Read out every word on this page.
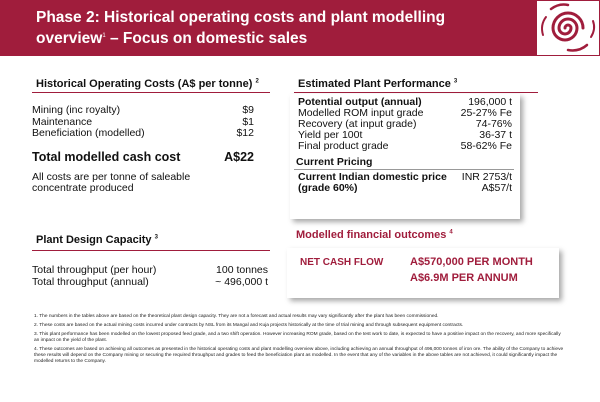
Phase 2: Historical operating costs and plant modelling
overview$^1$ – Focus on domestic sales
Historical Operating Costs (A$ per tonne) $^2$
Mining (inc royalty)	$9
Maintenance	$1
Beneficiation (modelled)	$12
Total modelled cash cost	A$22
All costs are per tonne of saleable
concentrate produced
Plant Design Capacity $^3$
Total throughput (per hour)	100 tonnes
Total throughput (annual)	~ 496,000 t
Estimated Plant Performance $^3$
Potential output (annual)	196,000 t
Modelled ROM input grade	25-27% Fe
Recovery (at input grade)	74-76%
Yield per 100t	36-37 t
Final product grade	58-62% Fe
Current Pricing
Current Indian domestic price INR 2753/t
(grade 60%)	A$57/t
Modelled financial outcomes $^4$
NET CASH FLOW	A$570,000 PER MONTH
A$6.9M PER ANNUM

1. The numbers in the tables above are based on the theoretical plant design capacity. They are not a forecast and actual results may vary significantly after the plant has been commissioned.

2. These costs are based on the actual mining costs incurred under contracts by NSL from its Mangal and Kuja projects historically at the time of trial mining and through subsequent equipment contracts.

3. This plant performance has been modelled on the lowest proposed feed grade, and a two shift operation. However increasing ROM grade, based on the test work to date, is expected to have a positive impact on the recovery, and more specifically an impact on the yield of the plant.

4. These outcomes are based on achieving all outcomes as presented in the historical operating costs and plant modelling overview above, including achieving an annual throughput of 496,000 tonnes of iron ore. The ability of the Company to achieve these results will depend on the Company mining or securing the required throughput and grades to feed the beneficiation plant as modelled. In the event that any of the variables in the above tables are not achieved, it could significantly impact the modelled returns to the Company.
